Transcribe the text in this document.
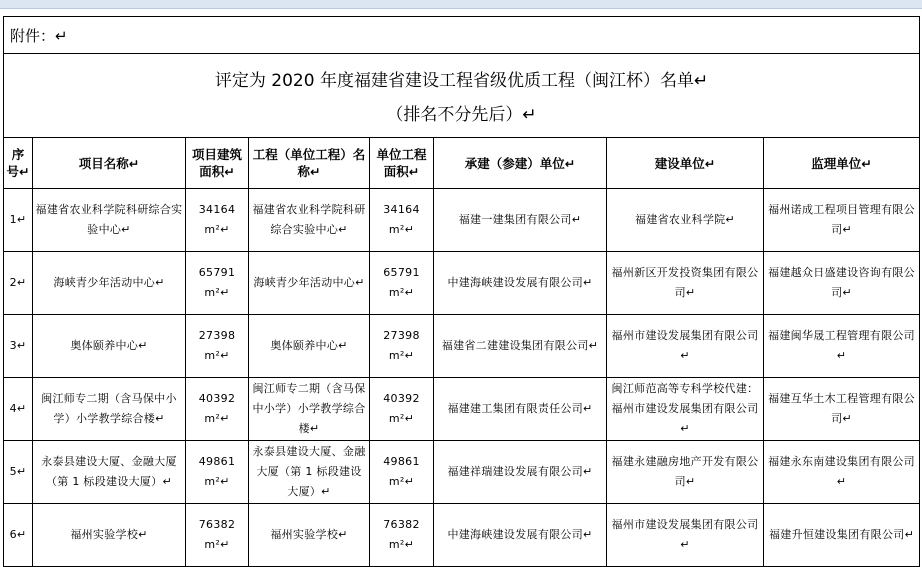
附件：↵							

评定为 2020 年度福建省建设工程省级优质工程（闽江杯）名单↵
（排名不分先后）↵							

序号↵	项目名称↵	项目建筑面积↵	工程（单位工程）名称↵	单位工程面积↵	承建（参建）单位↵	建设单位↵	监理单位↵
1↵	福建省农业科学院科研综合实验中心↵	34164 m²↵	福建省农业科学院科研综合实验中心↵	34164 m²↵	福建一建集团有限公司↵	福建省农业科学院↵	福州诺成工程项目管理有限公司↵
2↵	海峡青少年活动中心↵	65791 m²↵	海峡青少年活动中心↵	65791 m²↵	中建海峡建设发展有限公司↵	福州新区开发投资集团有限公司↵	福建越众日盛建设咨询有限公司↵
3↵	奥体颐养中心↵	27398 m²↵	奥体颐养中心↵	27398 m²↵	福建省二建建设集团有限公司↵	福州市建设发展集团有限公司↵	福建闽华晟工程管理有限公司↵
4↵	闽江师专二期（含马保中小学）小学教学综合楼↵	40392 m²↵	闽江师专二期（含马保中小学）小学教学综合楼↵	40392 m²↵	福建建工集团有限责任公司↵	闽江师范高等专科学校代建：福州市建设发展集团有限公司↵	福建互华土木工程管理有限公司↵
5↵	永泰县建设大厦、金融大厦（第 1 标段建设大厦）↵	49861 m²↵	永泰县建设大厦、金融大厦（第 1 标段建设大厦）↵	49861 m²↵	福建祥瑞建设发展有限公司↵	福建永建融房地产开发有限公司↵	福建永东南建设集团有限公司↵
6↵	福州实验学校↵	76382 m²↵	福州实验学校↵	76382 m²↵	中建海峡建设发展有限公司↵	福州市建设发展集团有限公司↵	福建升恒建设集团有限公司↵
